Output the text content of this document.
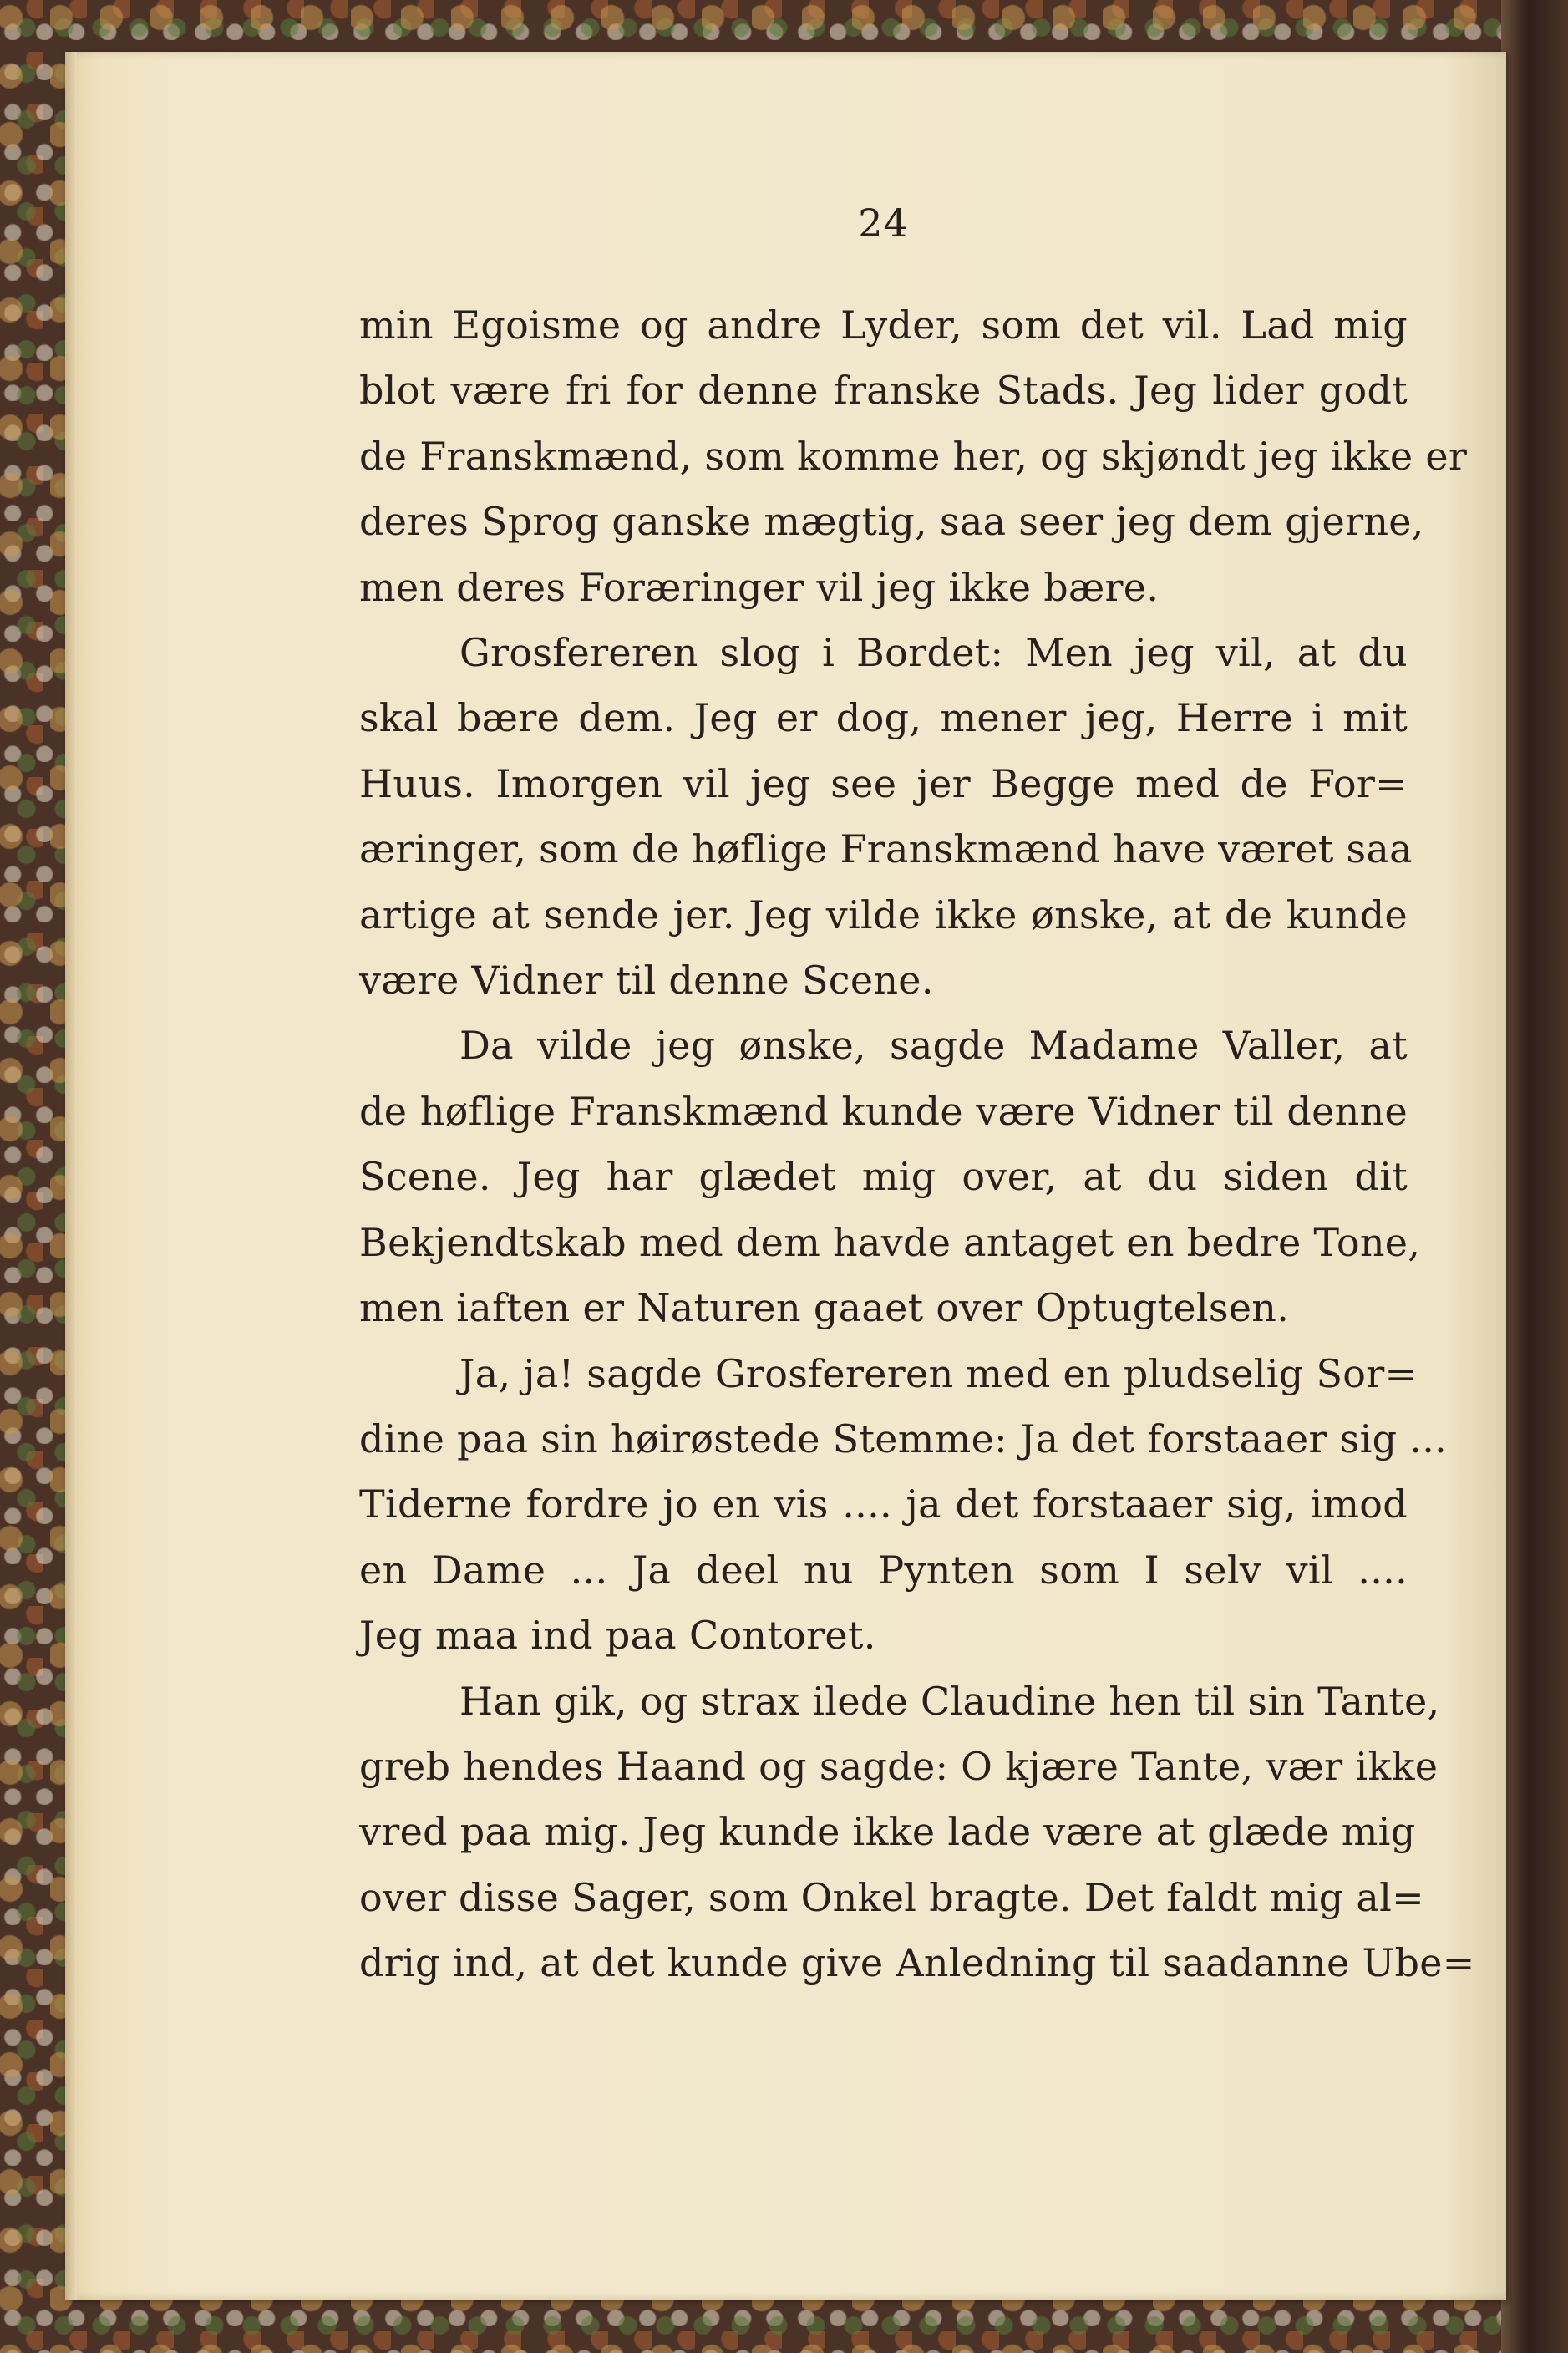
24
min Egoisme og andre Lyder, som det vil. Lad mig
blot være fri for denne franske Stads. Jeg lider godt
de Franskmænd, som komme her, og skjøndt jeg ikke er
deres Sprog ganske mægtig, saa seer jeg dem gjerne,
men deres Foræringer vil jeg ikke bære.
Grosfereren slog i Bordet: Men jeg vil, at du
skal bære dem. Jeg er dog, mener jeg, Herre i mit
Huus. Imorgen vil jeg see jer Begge med de For=
æringer, som de høflige Franskmænd have været saa
artige at sende jer. Jeg vilde ikke ønske, at de kunde
være Vidner til denne Scene.
Da vilde jeg ønske, sagde Madame Valler, at
de høflige Franskmænd kunde være Vidner til denne
Scene. Jeg har glædet mig over, at du siden dit
Bekjendtskab med dem havde antaget en bedre Tone,
men iaften er Naturen gaaet over Optugtelsen.
Ja, ja! sagde Grosfereren med en pludselig Sor=
dine paa sin høirøstede Stemme: Ja det forstaaer sig ...
Tiderne fordre jo en vis .... ja det forstaaer sig, imod
en Dame ... Ja deel nu Pynten som I selv vil ....
Jeg maa ind paa Contoret.
Han gik, og strax ilede Claudine hen til sin Tante,
greb hendes Haand og sagde: O kjære Tante, vær ikke
vred paa mig. Jeg kunde ikke lade være at glæde mig
over disse Sager, som Onkel bragte. Det faldt mig al=
drig ind, at det kunde give Anledning til saadanne Ube=
